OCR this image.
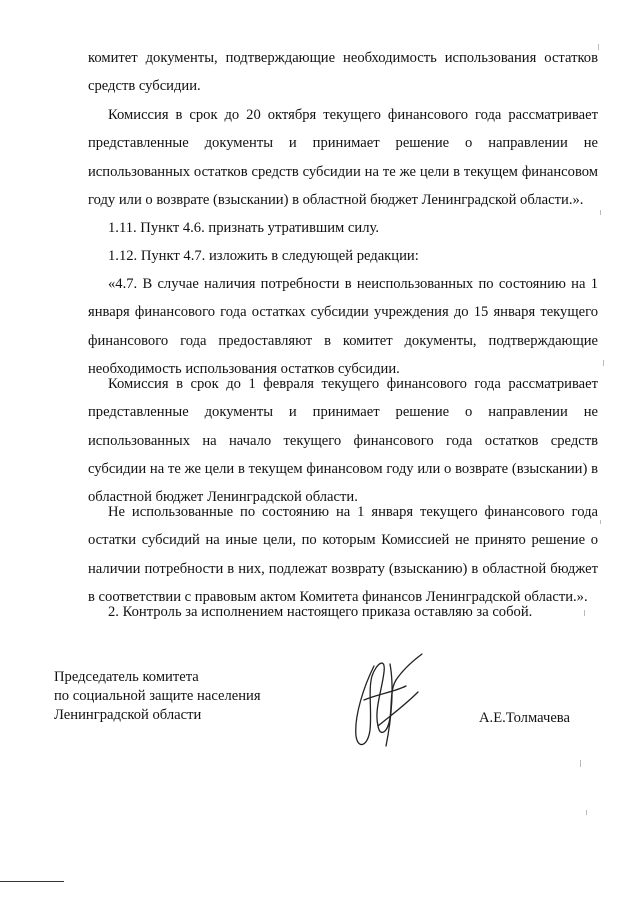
комитет документы, подтверждающие необходимость использования остатков средств субсидии.

Комиссия в срок до 20 октября текущего финансового года рассматривает представленные документы и принимает решение о направлении не использованных остатков средств субсидии на те же цели в текущем финансовом году или о возврате (взыскании) в областной бюджет Ленинградской области.».

1.11. Пункт 4.6. признать утратившим силу.

1.12. Пункт 4.7. изложить в следующей редакции:

«4.7. В случае наличия потребности в неиспользованных по состоянию на 1 января финансового года остатках субсидии учреждения до 15 января текущего финансового года предоставляют в комитет документы, подтверждающие необходимость использования остатков субсидии.

Комиссия в срок до 1 февраля текущего финансового года рассматривает представленные документы и принимает решение о направлении не использованных на начало текущего финансового года остатков средств субсидии на те же цели в текущем финансовом году или о возврате (взыскании) в областной бюджет Ленинградской области.

Не использованные по состоянию на 1 января текущего финансового года остатки субсидий на иные цели, по которым Комиссией не принято решение о наличии потребности в них, подлежат возврату (взысканию) в областной бюджет в соответствии с правовым актом Комитета финансов Ленинградской области.».

2. Контроль за исполнением настоящего приказа оставляю за собой.

Председатель комитета
по социальной защите населения
Ленинградской области	А.Е.Толмачева
